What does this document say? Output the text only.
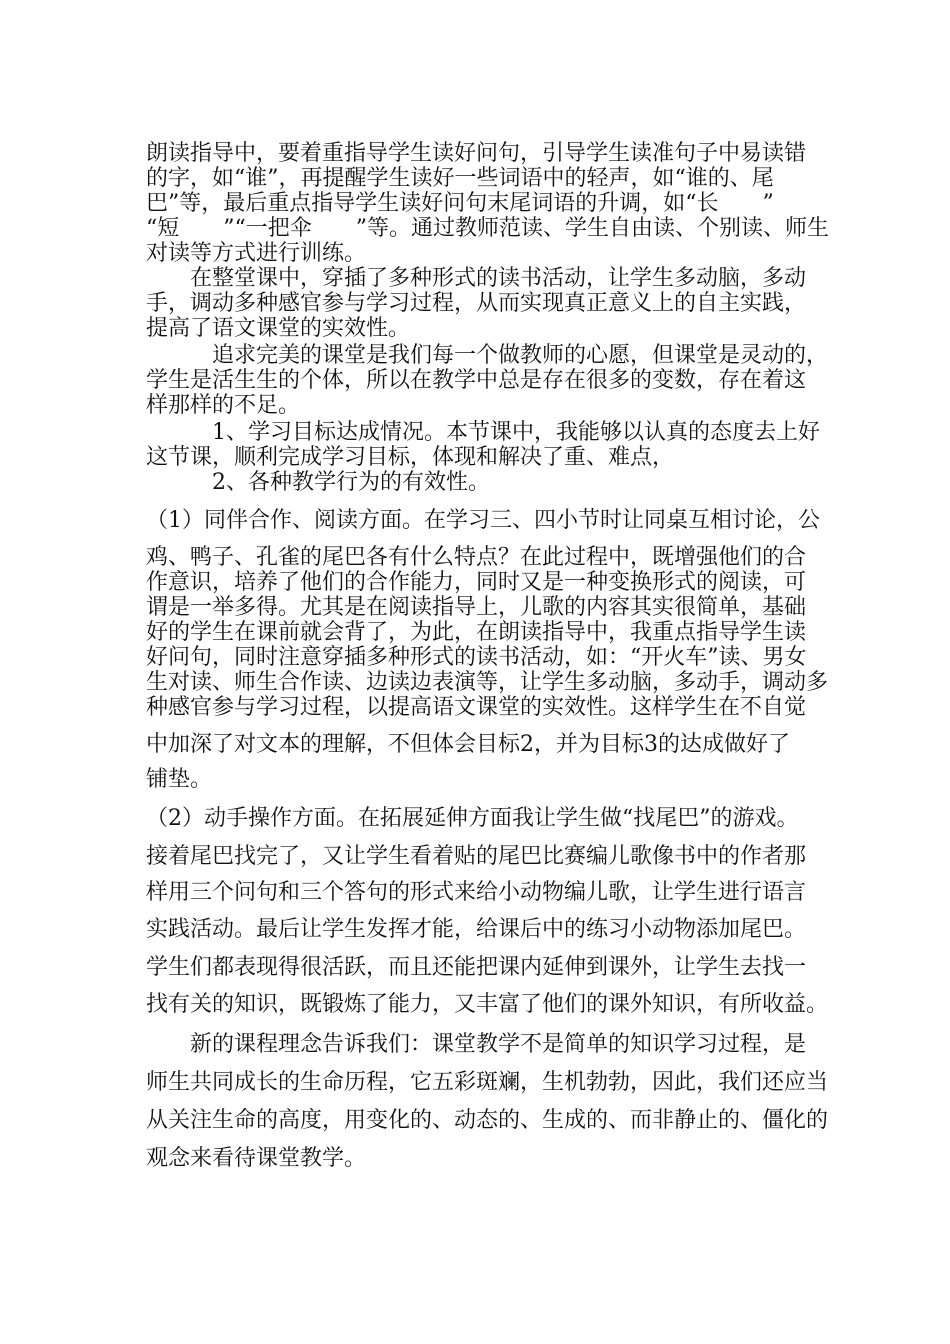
朗读指导中，要着重指导学生读好问句，引导学生读准句子中易读错
的字，如“谁”，再提醒学生读好一些词语中的轻声，如“谁的、尾
巴”等，最后重点指导学生读好问句末尾词语的升调，如“长　　”
“短　　”“一把伞　　”等。通过教师范读、学生自由读、个别读、师生
对读等方式进行训练。
　　在整堂课中，穿插了多种形式的读书活动，让学生多动脑，多动
手，调动多种感官参与学习过程，从而实现真正意义上的自主实践，
提高了语文课堂的实效性。
　　　追求完美的课堂是我们每一个做教师的心愿，但课堂是灵动的，
学生是活生生的个体，所以在教学中总是存在很多的变数，存在着这
样那样的不足。
　　　1、学习目标达成情况。本节课中，我能够以认真的态度去上好
这节课，顺利完成学习目标，体现和解决了重、难点，
　　　2、各种教学行为的有效性。
（1）同伴合作、阅读方面。在学习三、四小节时让同桌互相讨论，公
鸡、鸭子、孔雀的尾巴各有什么特点？在此过程中，既增强他们的合
作意识，培养了他们的合作能力，同时又是一种变换形式的阅读，可
谓是一举多得。尤其是在阅读指导上，儿歌的内容其实很简单，基础
好的学生在课前就会背了，为此，在朗读指导中，我重点指导学生读
好问句，同时注意穿插多种形式的读书活动，如：“开火车”读、男女
生对读、师生合作读、边读边表演等，让学生多动脑，多动手，调动多
种感官参与学习过程，以提高语文课堂的实效性。这样学生在不自觉
中加深了对文本的理解，不但体会目标2，并为目标3的达成做好了
铺垫。
（2）动手操作方面。在拓展延伸方面我让学生做“找尾巴”的游戏。
接着尾巴找完了，又让学生看着贴的尾巴比赛编儿歌像书中的作者那
样用三个问句和三个答句的形式来给小动物编儿歌，让学生进行语言
实践活动。最后让学生发挥才能，给课后中的练习小动物添加尾巴。
学生们都表现得很活跃，而且还能把课内延伸到课外，让学生去找一
找有关的知识，既锻炼了能力，又丰富了他们的课外知识，有所收益。
　　新的课程理念告诉我们：课堂教学不是简单的知识学习过程，是
师生共同成长的生命历程，它五彩斑斓，生机勃勃，因此，我们还应当
从关注生命的高度，用变化的、动态的、生成的、而非静止的、僵化的
观念来看待课堂教学。
